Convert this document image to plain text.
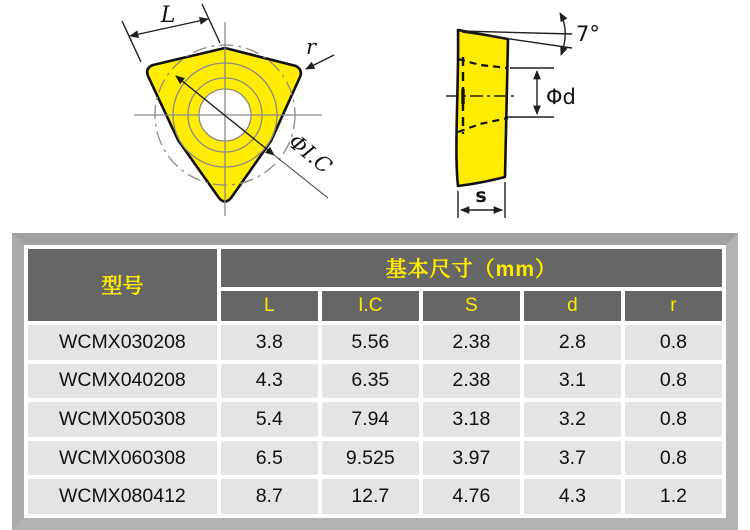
L
r
ΦI.C
7°
Φd
s
型号	基本尺寸（mm）				
	L	I.C	S	d	r
WCMX030208	3.8	5.56	2.38	2.8	0.8
WCMX040208	4.3	6.35	2.38	3.1	0.8
WCMX050308	5.4	7.94	3.18	3.2	0.8
WCMX060308	6.5	9.525	3.97	3.7	0.8
WCMX080412	8.7	12.7	4.76	4.3	1.2
